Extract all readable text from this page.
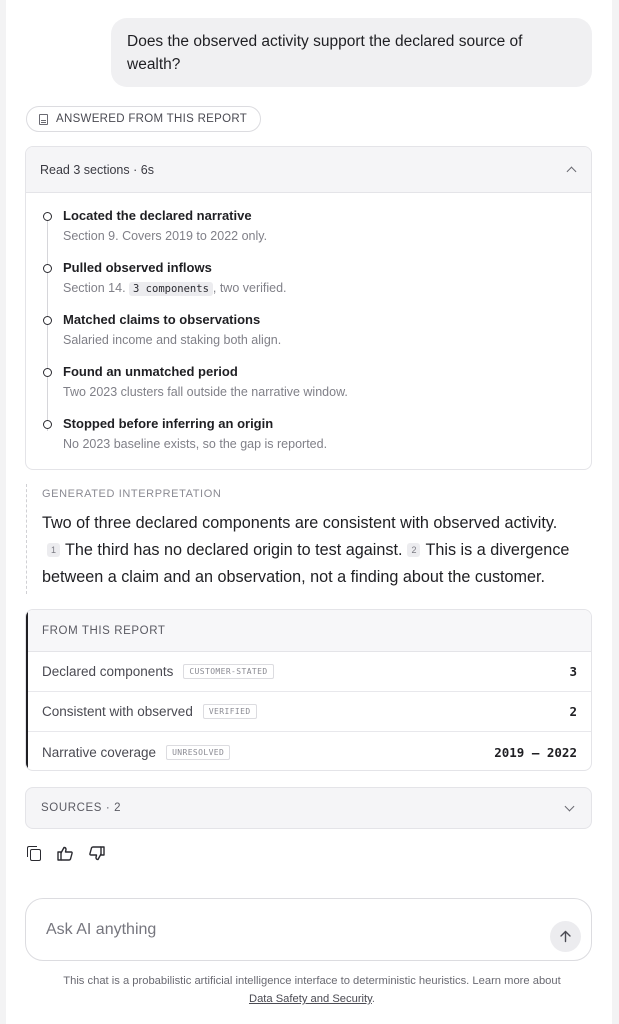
Does the observed activity support the declared source of wealth?
ANSWERED FROM THIS REPORT
Read 3 sections · 6s
Located the declared narrative
Section 9. Covers 2019 to 2022 only.
Pulled observed inflows
Section 14. 3 components , two verified.
Matched claims to observations
Salaried income and staking both align.
Found an unmatched period
Two 2023 clusters fall outside the narrative window.
Stopped before inferring an origin
No 2023 baseline exists, so the gap is reported.
GENERATED INTERPRETATION
Two of three declared components are consistent with observed activity.
1 The third has no declared origin to test against. 2 This is a divergence between a claim and an observation, not a finding about the customer.
FROM THIS REPORT
Declared components	CUSTOMER-STATED	3
Consistent with observed	VERIFIED	2
Narrative coverage	UNRESOLVED	2019 – 2022
SOURCES · 2
Ask AI anything
This chat is a probabilistic artificial intelligence interface to deterministic heuristics. Learn more about
Data Safety and Security.
